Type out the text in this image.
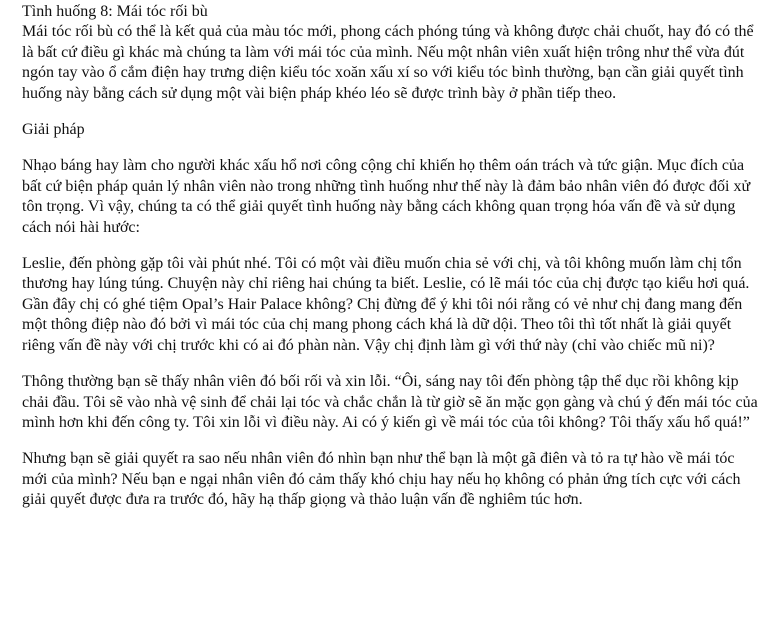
Tình huống 8: Mái tóc rối bù

Mái tóc rối bù có thể là kết quả của màu tóc mới, phong cách phóng túng và không được chải chuốt, hay đó có thể là bất cứ điều gì khác mà chúng ta làm với mái tóc của mình. Nếu một nhân viên xuất hiện trông như thể vừa đút ngón tay vào ổ cắm điện hay trưng diện kiểu tóc xoăn xấu xí so với kiểu tóc bình thường, bạn cần giải quyết tình huống này bằng cách sử dụng một vài biện pháp khéo léo sẽ được trình bày ở phần tiếp theo.

Giải pháp

Nhạo báng hay làm cho người khác xấu hổ nơi công cộng chỉ khiến họ thêm oán trách và tức giận. Mục đích của bất cứ biện pháp quản lý nhân viên nào trong những tình huống như thế này là đảm bảo nhân viên đó được đối xử tôn trọng. Vì vậy, chúng ta có thể giải quyết tình huống này bằng cách không quan trọng hóa vấn đề và sử dụng cách nói hài hước:

Leslie, đến phòng gặp tôi vài phút nhé. Tôi có một vài điều muốn chia sẻ với chị, và tôi không muốn làm chị tổn thương hay lúng túng. Chuyện này chỉ riêng hai chúng ta biết. Leslie, có lẽ mái tóc của chị được tạo kiểu hơi quá. Gần đây chị có ghé tiệm Opal’s Hair Palace không? Chị đừng để ý khi tôi nói rằng có vẻ như chị đang mang đến một thông điệp nào đó bởi vì mái tóc của chị mang phong cách khá là dữ dội. Theo tôi thì tốt nhất là giải quyết riêng vấn đề này với chị trước khi có ai đó phàn nàn. Vậy chị định làm gì với thứ này (chỉ vào chiếc mũ ni)?

Thông thường bạn sẽ thấy nhân viên đó bối rối và xin lỗi. “Ôi, sáng nay tôi đến phòng tập thể dục rồi không kịp chải đầu. Tôi sẽ vào nhà vệ sinh để chải lại tóc và chắc chắn là từ giờ sẽ ăn mặc gọn gàng và chú ý đến mái tóc của mình hơn khi đến công ty. Tôi xin lỗi vì điều này. Ai có ý kiến gì về mái tóc của tôi không? Tôi thấy xấu hổ quá!”

Nhưng bạn sẽ giải quyết ra sao nếu nhân viên đó nhìn bạn như thể bạn là một gã điên và tỏ ra tự hào về mái tóc mới của mình? Nếu bạn e ngại nhân viên đó cảm thấy khó chịu hay nếu họ không có phản ứng tích cực với cách giải quyết được đưa ra trước đó, hãy hạ thấp giọng và thảo luận vấn đề nghiêm túc hơn.
